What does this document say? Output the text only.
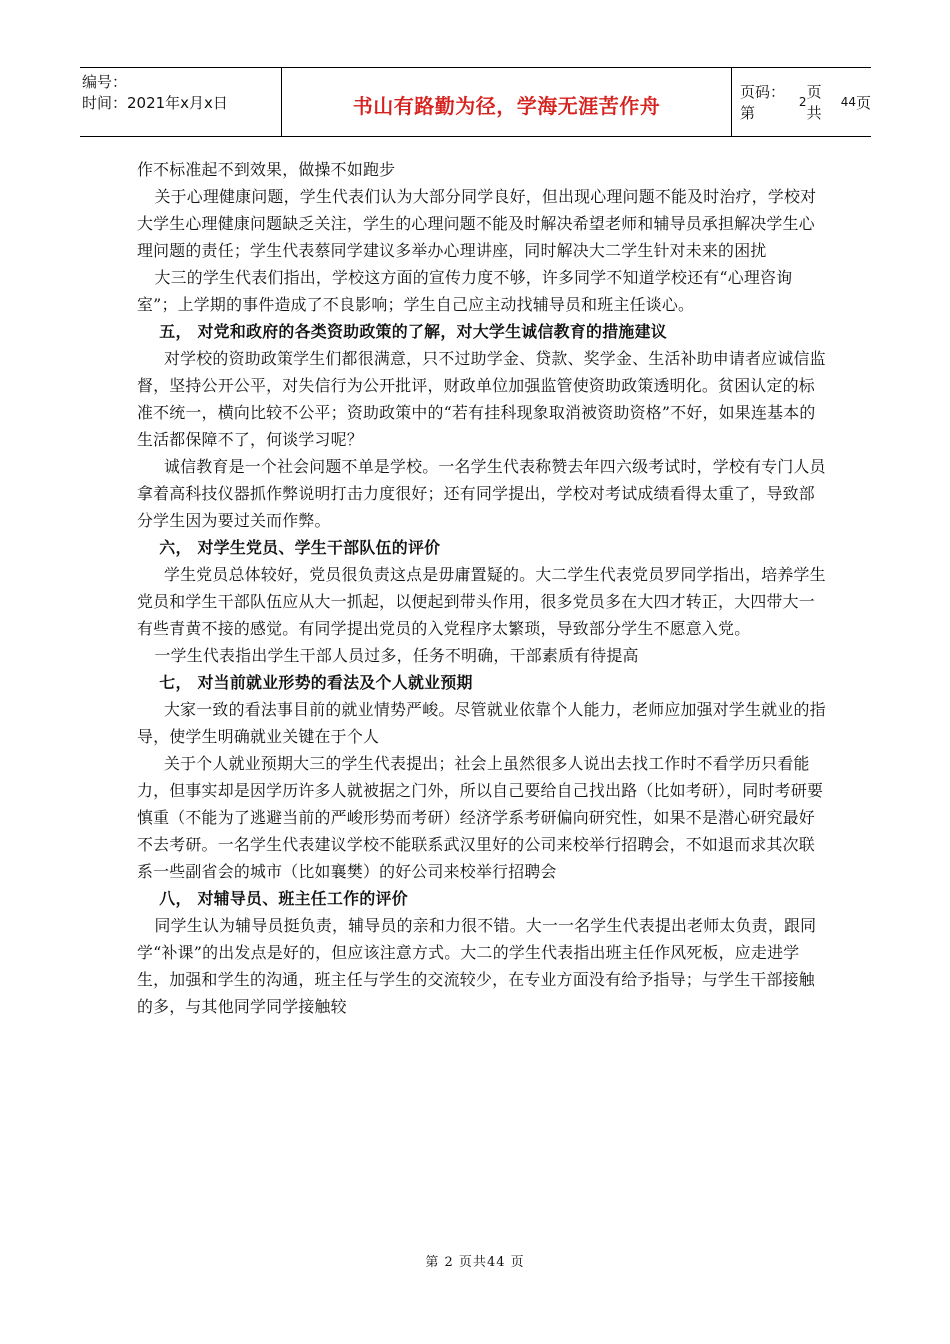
编号：
时间：2021年x月x日	书山有路勤为径，学海无涯苦作舟
页码：第
2
页 共
44 页

作不标准起不到效果，做操不如跑步

关于心理健康问题，学生代表们认为大部分同学良好，但出现心理问题不能及时治疗，学校对大学生心理健康问题缺乏关注，学生的心理问题不能及时解决希望老师和辅导员承担解决学生心理问题的责任；学生代表蔡同学建议多举办心理讲座，同时解决大二学生针对未来的困扰

大三的学生代表们指出，学校这方面的宣传力度不够，许多同学不知道学校还有“心理咨询室”；上学期的事件造成了不良影响；学生自己应主动找辅导员和班主任谈心。

五， 对党和政府的各类资助政策的了解，对大学生诚信教育的措施建议

对学校的资助政策学生们都很满意，只不过助学金、贷款、奖学金、生活补助申请者应诚信监督，坚持公开公平，对失信行为公开批评，财政单位加强监管使资助政策透明化。贫困认定的标准不统一，横向比较不公平；资助政策中的“若有挂科现象取消被资助资格”不好，如果连基本的生活都保障不了，何谈学习呢？

诚信教育是一个社会问题不单是学校。一名学生代表称赞去年四六级考试时，学校有专门人员拿着高科技仪器抓作弊说明打击力度很好；还有同学提出，学校对考试成绩看得太重了，导致部分学生因为要过关而作弊。

六， 对学生党员、学生干部队伍的评价

学生党员总体较好，党员很负责这点是毋庸置疑的。大二学生代表党员罗同学指出，培养学生党员和学生干部队伍应从大一抓起，以便起到带头作用，很多党员多在大四才转正，大四带大一有些青黄不接的感觉。有同学提出党员的入党程序太繁琐，导致部分学生不愿意入党。

一学生代表指出学生干部人员过多，任务不明确，干部素质有待提高

七， 对当前就业形势的看法及个人就业预期

大家一致的看法事目前的就业情势严峻。尽管就业依靠个人能力，老师应加强对学生就业的指导，使学生明确就业关键在于个人

关于个人就业预期大三的学生代表提出；社会上虽然很多人说出去找工作时不看学历只看能力，但事实却是因学历许多人就被据之门外，所以自己要给自己找出路（比如考研），同时考研要慎重（不能为了逃避当前的严峻形势而考研）经济学系考研偏向研究性，如果不是潜心研究最好不去考研。一名学生代表建议学校不能联系武汉里好的公司来校举行招聘会，不如退而求其次联系一些副省会的城市（比如襄樊）的好公司来校举行招聘会

八， 对辅导员、班主任工作的评价

同学生认为辅导员挺负责，辅导员的亲和力很不错。大一一名学生代表提出老师太负责，跟同学“补课”的出发点是好的，但应该注意方式。大二的学生代表指出班主任作风死板，应走进学生，加强和学生的沟通，班主任与学生的交流较少，在专业方面没有给予指导；与学生干部接触的多，与其他同学同学接触较

第 2 页共44 页
